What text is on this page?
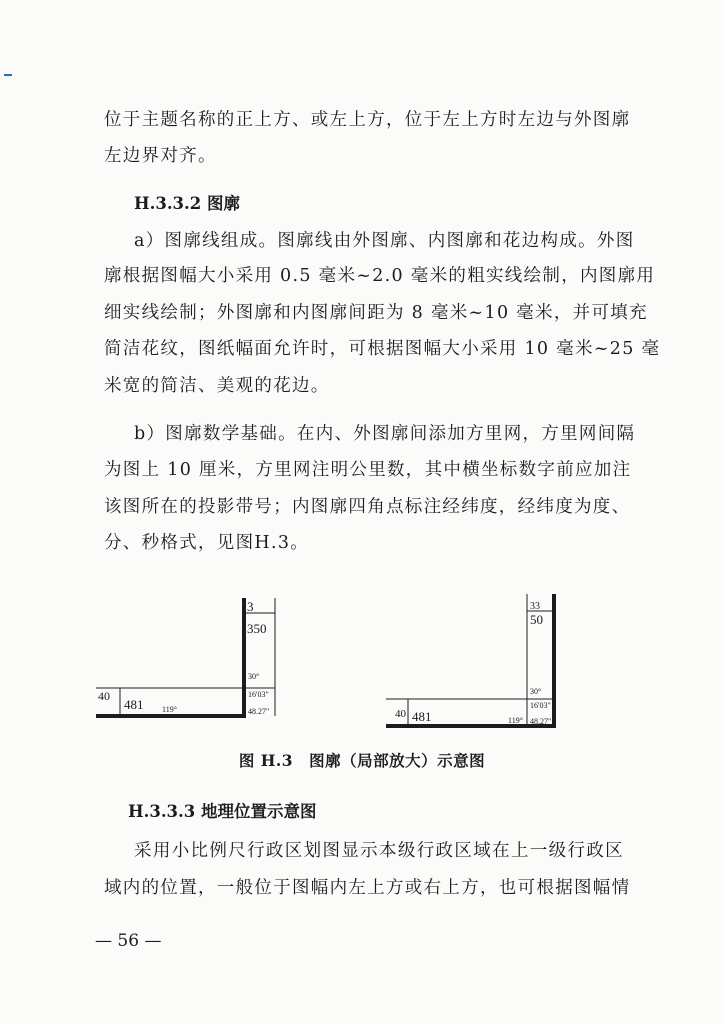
位于主题名称的正上方、或左上方，位于左上方时左边与外图廓
左边界对齐。
H.3.3.2 图廓
a）图廓线组成。图廓线由外图廓、内图廓和花边构成。外图
廓根据图幅大小采用 0.5 毫米~2.0 毫米的粗实线绘制，内图廓用
细实线绘制；外图廓和内图廓间距为 8 毫米~10 毫米，并可填充
简洁花纹，图纸幅面允许时，可根据图幅大小采用 10 毫米~25 毫
米宽的简洁、美观的花边。
b）图廓数学基础。在内、外图廓间添加方里网，方里网间隔
为图上 10 厘米，方里网注明公里数，其中横坐标数字前应加注
该图所在的投影带号；内图廓四角点标注经纬度，经纬度为度、
分、秒格式，见图H.3。
3
350
30°
16'03"
48.27"
40
481 119°
33
50
30°
16'03"
48.27"
40 481	119°
图 H.3　图廓（局部放大）示意图
H.3.3.3 地理位置示意图
采用小比例尺行政区划图显示本级行政区域在上一级行政区
域内的位置，一般位于图幅内左上方或右上方，也可根据图幅情
— 56 —
